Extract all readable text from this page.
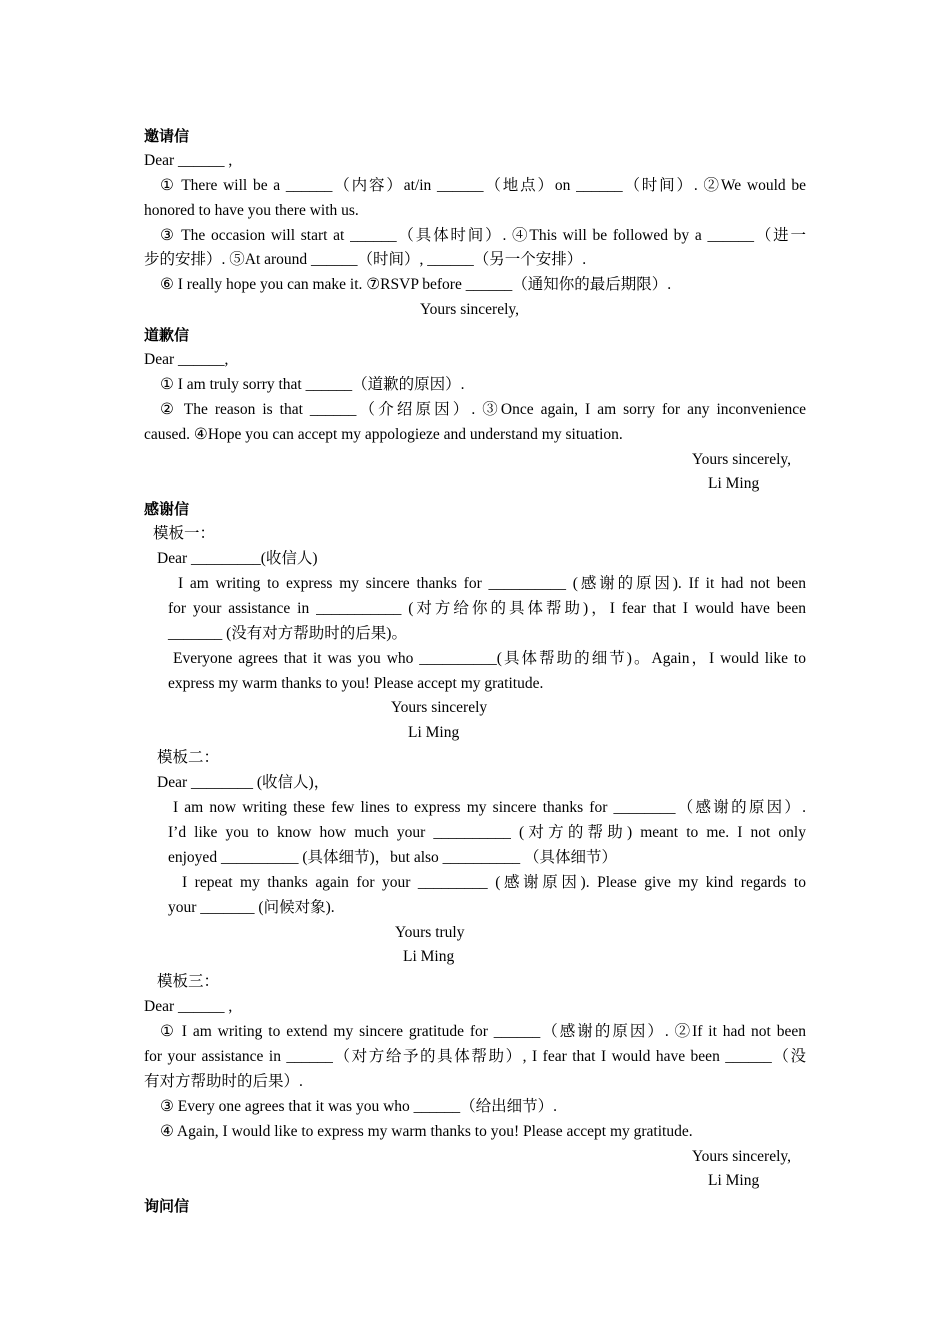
邀请信
Dear ______ ,
① There will be a ______（内容）at/in ______（地点）on ______（时间）. ②We would be
honored to have you there with us.
③ The occasion will start at ______（具体时间）. ④This will be followed by a ______（进一
步的安排）. ⑤At around ______（时间）, ______（另一个安排）.
⑥ I really hope you can make it. ⑦RSVP before ______（通知你的最后期限）.
Yours sincerely,
道歉信
Dear ______,
① I am truly sorry that ______（道歉的原因）.
② The reason is that ______（介绍原因）. ③Once again, I am sorry for any inconvenience
caused. ④Hope you can accept my appologieze and understand my situation.
Yours sincerely,
Li Ming
感谢信
模板一：
Dear _________(收信人)
I am writing to express my sincere thanks for __________ (感谢的原因). If it had not been
for your assistance in ___________ (对方给你的具体帮助)，I fear that I would have been
_______ (没有对方帮助时的后果)。
Everyone agrees that it was you who __________(具体帮助的细节)。Again，I would like to
express my warm thanks to you! Please accept my gratitude.
Yours sincerely
Li Ming
模板二：
Dear ________ (收信人)，
I am now writing these few lines to express my sincere thanks for ________（感谢的原因）.
I’d like you to know how much your __________ (对方的帮助) meant to me. I not only
enjoyed __________ (具体细节)，but also __________ （具体细节）
I repeat my thanks again for your _________ (感谢原因). Please give my kind regards to
your _______ (问候对象).
Yours truly
Li Ming
模板三：
Dear ______ ,
① I am writing to extend my sincere gratitude for ______（感谢的原因）. ②If it had not been
for your assistance in ______（对方给予的具体帮助）, I fear that I would have been ______（没
有对方帮助时的后果）.
③ Every one agrees that it was you who ______（给出细节）.
④ Again, I would like to express my warm thanks to you! Please accept my gratitude.
Yours sincerely,
Li Ming
询问信
